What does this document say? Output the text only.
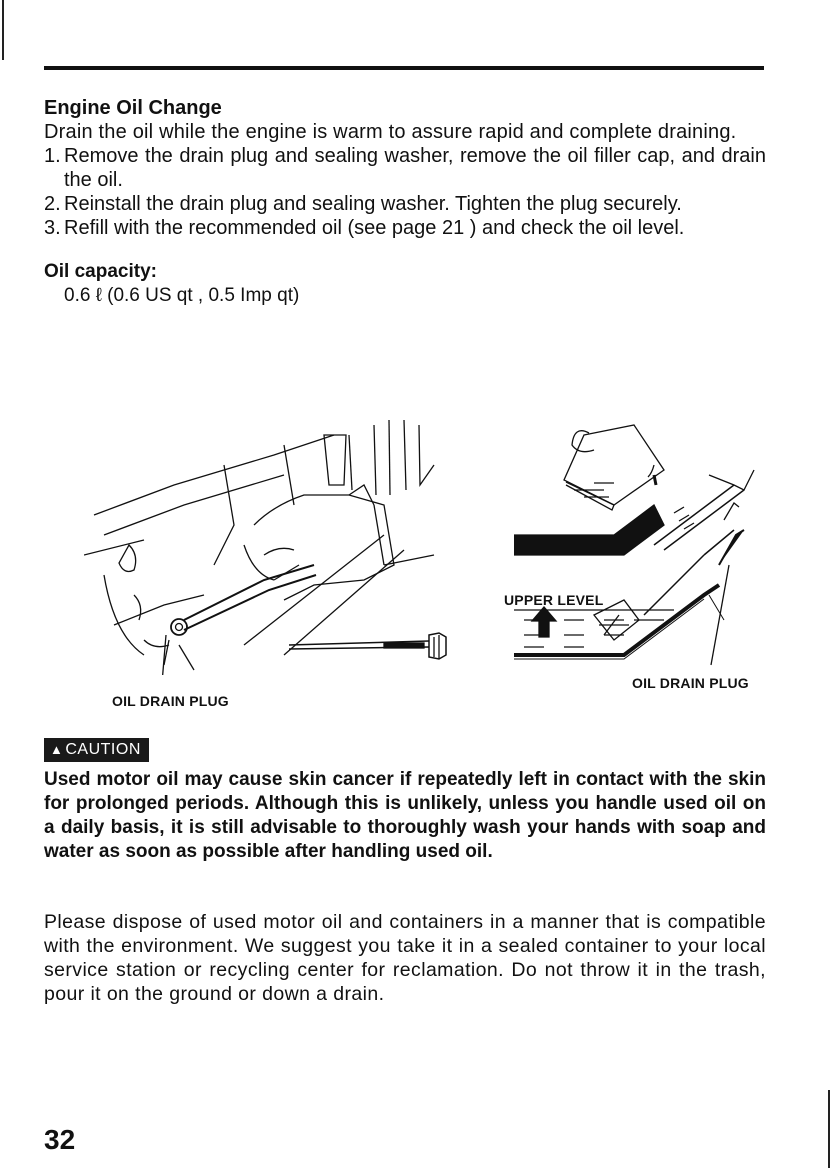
Engine Oil Change

Drain the oil while the engine is warm to assure rapid and complete draining.

1. Remove the drain plug and sealing washer, remove the oil filler cap, and drain the oil.
2. Reinstall the drain plug and sealing washer. Tighten the plug securely.
3. Refill with the recommended oil (see page 21 ) and check the oil level.

Oil capacity:

0.6 ℓ (0.6 US qt , 0.5 Imp qt)

OIL DRAIN PLUG
UPPER LEVEL
OIL DRAIN PLUG
▲ CAUTION

Used motor oil may cause skin cancer if repeatedly left in contact with the skin for prolonged periods. Although this is unlikely, unless you handle used oil on a daily basis, it is still advisable to thoroughly wash your hands with soap and water as soon as possible after handling used oil.

Please dispose of used motor oil and containers in a manner that is compatible with the environment. We suggest you take it in a sealed container to your local service station or recycling center for reclamation. Do not throw it in the trash, pour it on the ground or down a drain.

32
